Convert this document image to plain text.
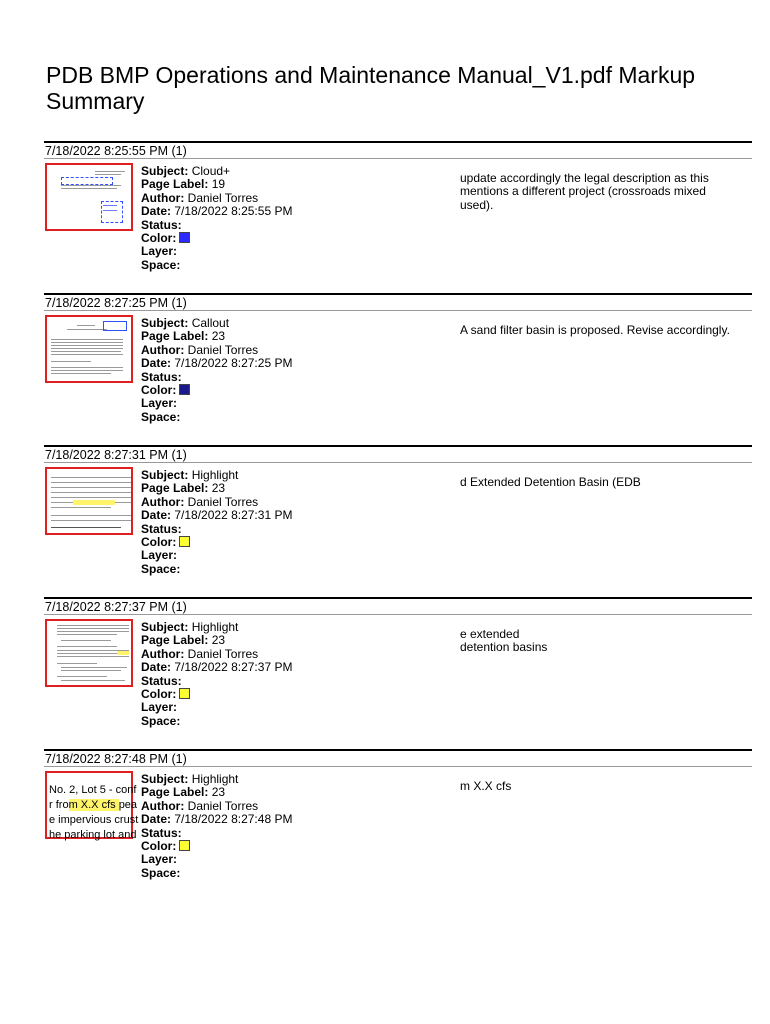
PDB BMP Operations and Maintenance Manual_V1.pdf Markup Summary
7/18/2022 8:25:55 PM (1)
Subject: Cloud+
Page Label: 19
Author: Daniel Torres
Date: 7/18/2022 8:25:55 PM
Status:
Color:
Layer:
Space:
update accordingly the legal description as this mentions a different project (crossroads mixed used).
7/18/2022 8:27:25 PM (1)
Subject: Callout
Page Label: 23
Author: Daniel Torres
Date: 7/18/2022 8:27:25 PM
Status:
Color:
Layer:
Space:
A sand filter basin is proposed. Revise accordingly.
7/18/2022 8:27:31 PM (1)
Subject: Highlight
Page Label: 23
Author: Daniel Torres
Date: 7/18/2022 8:27:31 PM
Status:
Color:
Layer:
Space:
d Extended Detention Basin (EDB
7/18/2022 8:27:37 PM (1)
Subject: Highlight
Page Label: 23
Author: Daniel Torres
Date: 7/18/2022 8:27:37 PM
Status:
Color:
Layer:
Space:
e extended
detention basins
7/18/2022 8:27:48 PM (1)
No. 2, Lot 5 - conf
r from X.X cfs pea
e impervious crust
he parking lot and
Subject: Highlight
Page Label: 23
Author: Daniel Torres
Date: 7/18/2022 8:27:48 PM
Status:
Color:
Layer:
Space:
m X.X cfs
